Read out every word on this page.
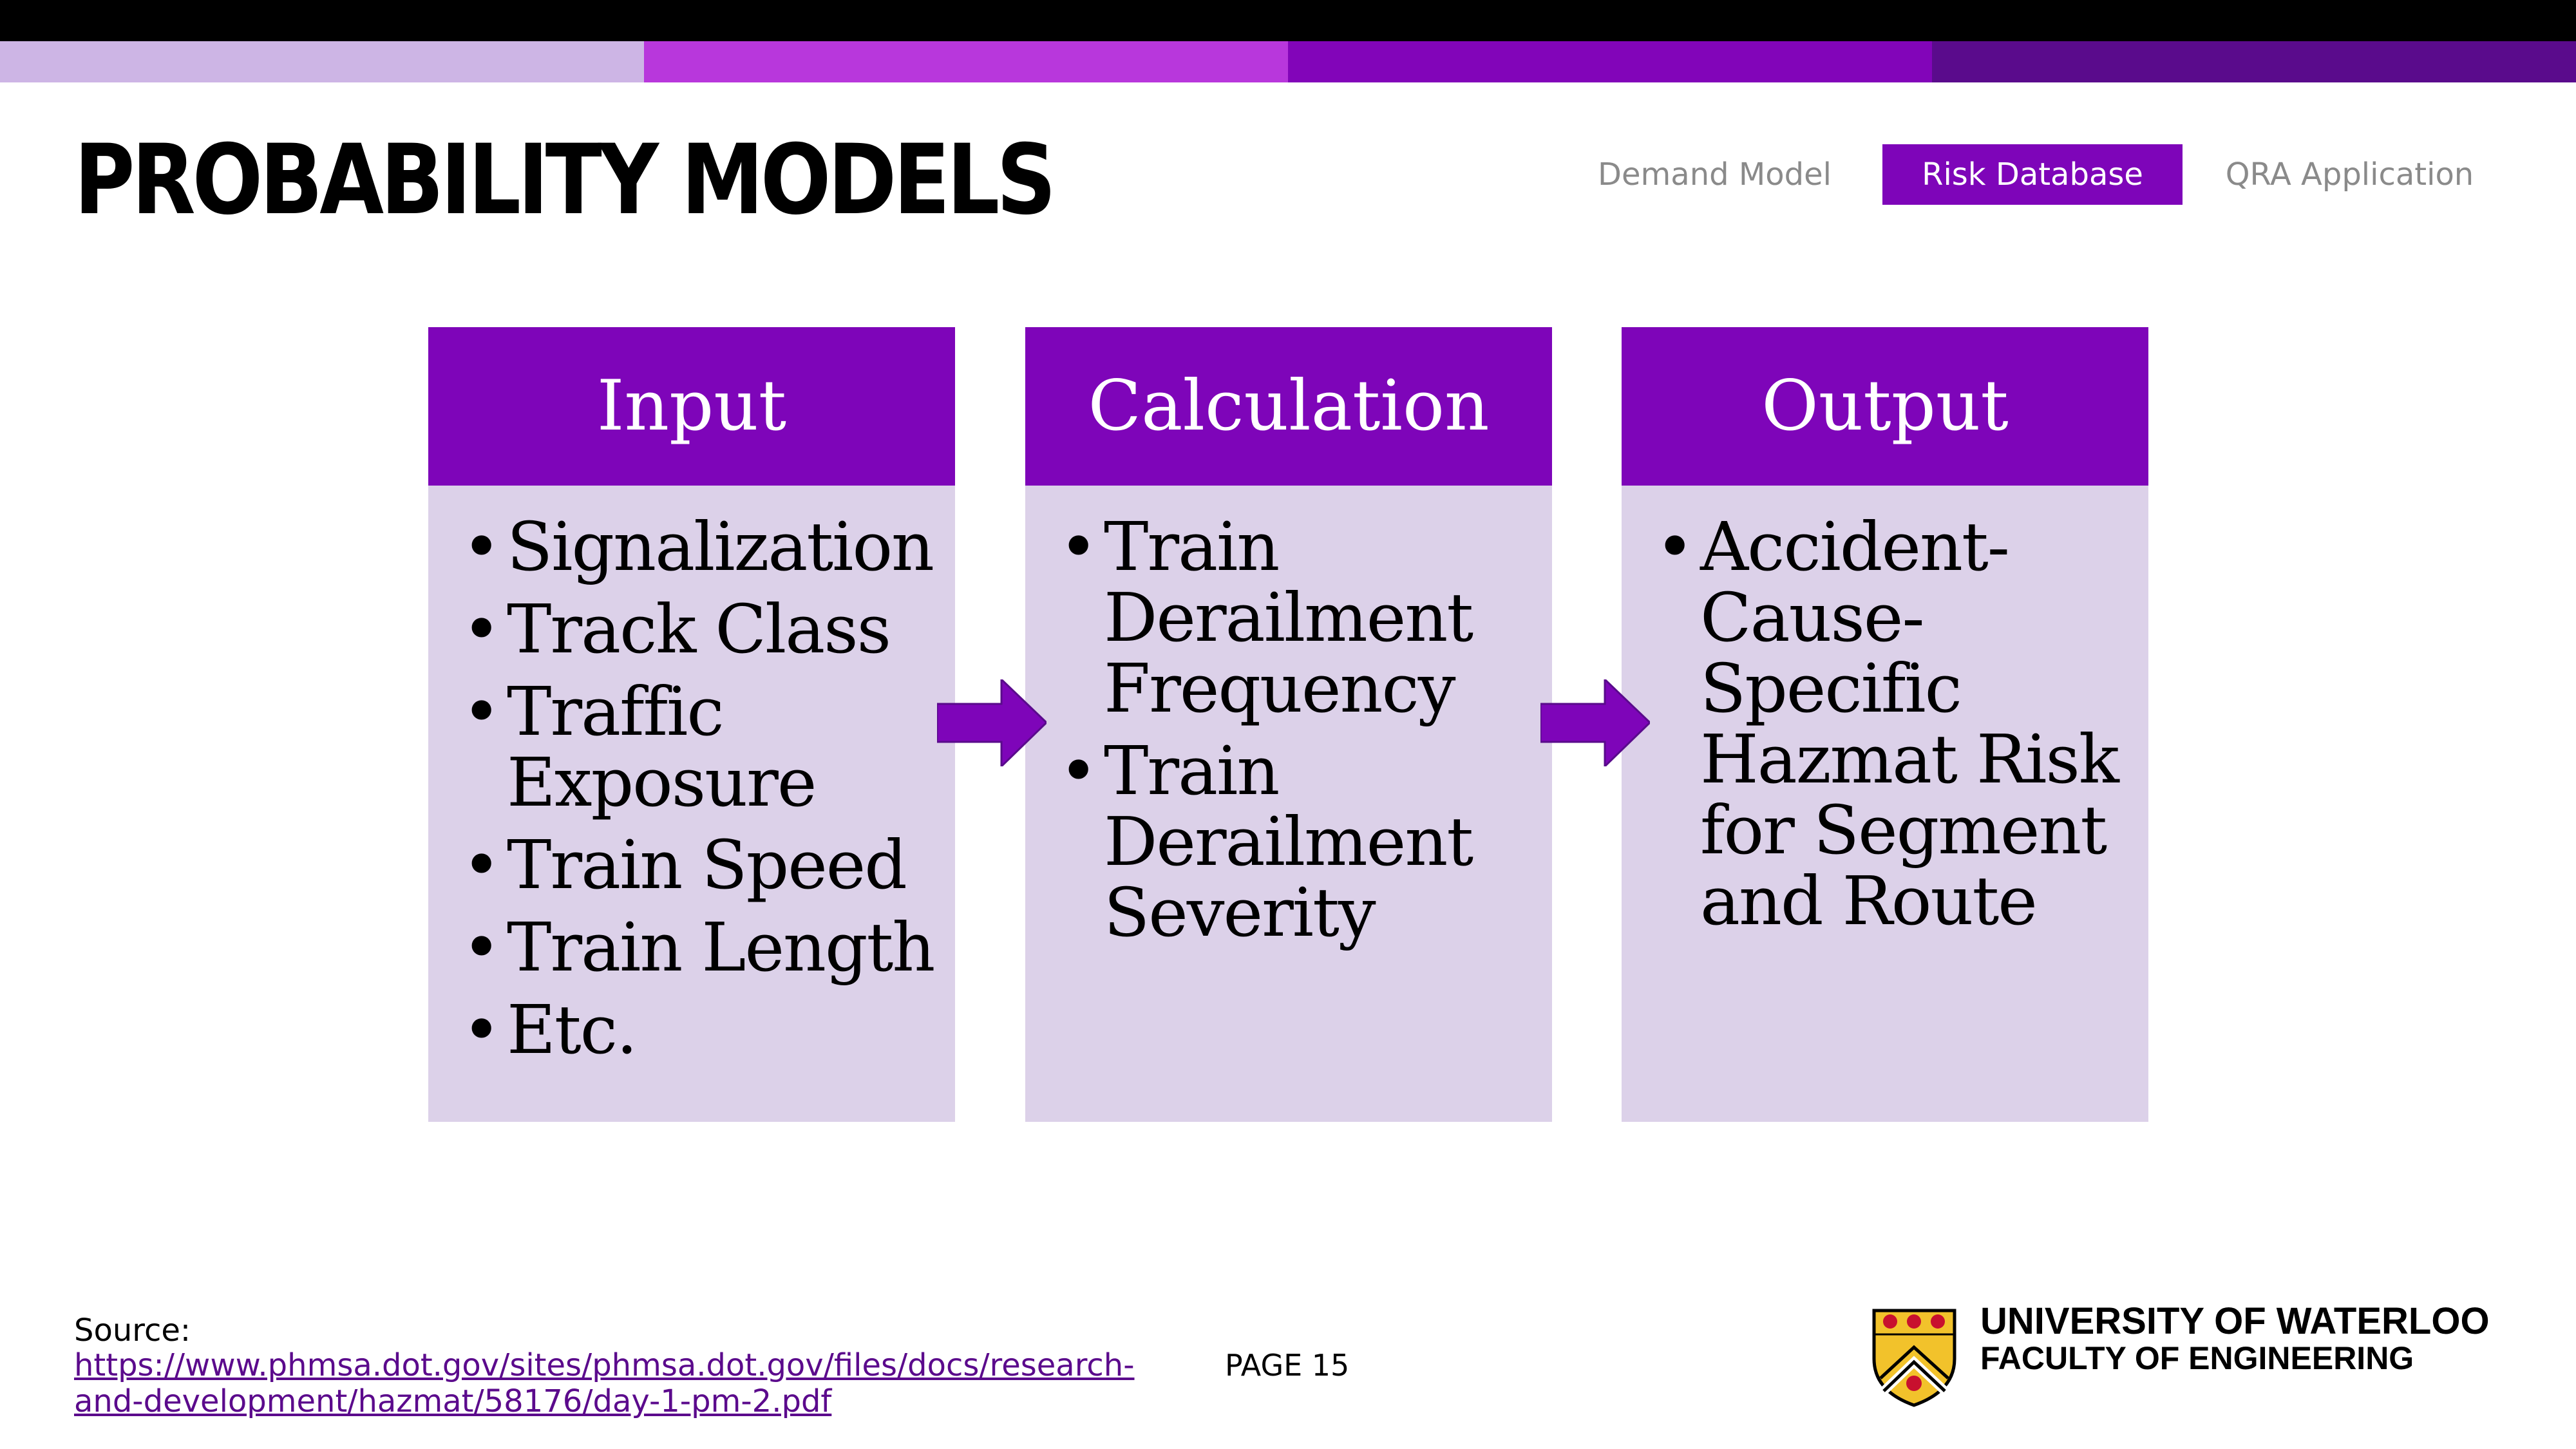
PROBABILITY MODELS	Demand Model	Risk Database	QRA Application
Input
• Signalization
• Track Class
• Traffic Exposure
• Train Speed
• Train Length
• Etc.
Calculation
• Train Derailment Frequency
• Train Derailment Severity
Output
• Accident-Cause-Specific Hazmat Risk for Segment and Route
Source:
https://www.phmsa.dot.gov/sites/phmsa.dot.gov/files/docs/research-and-development/hazmat/58176/day-1-pm-2.pdf
PAGE 15
UNIVERSITY OF WATERLOO
FACULTY OF ENGINEERING
